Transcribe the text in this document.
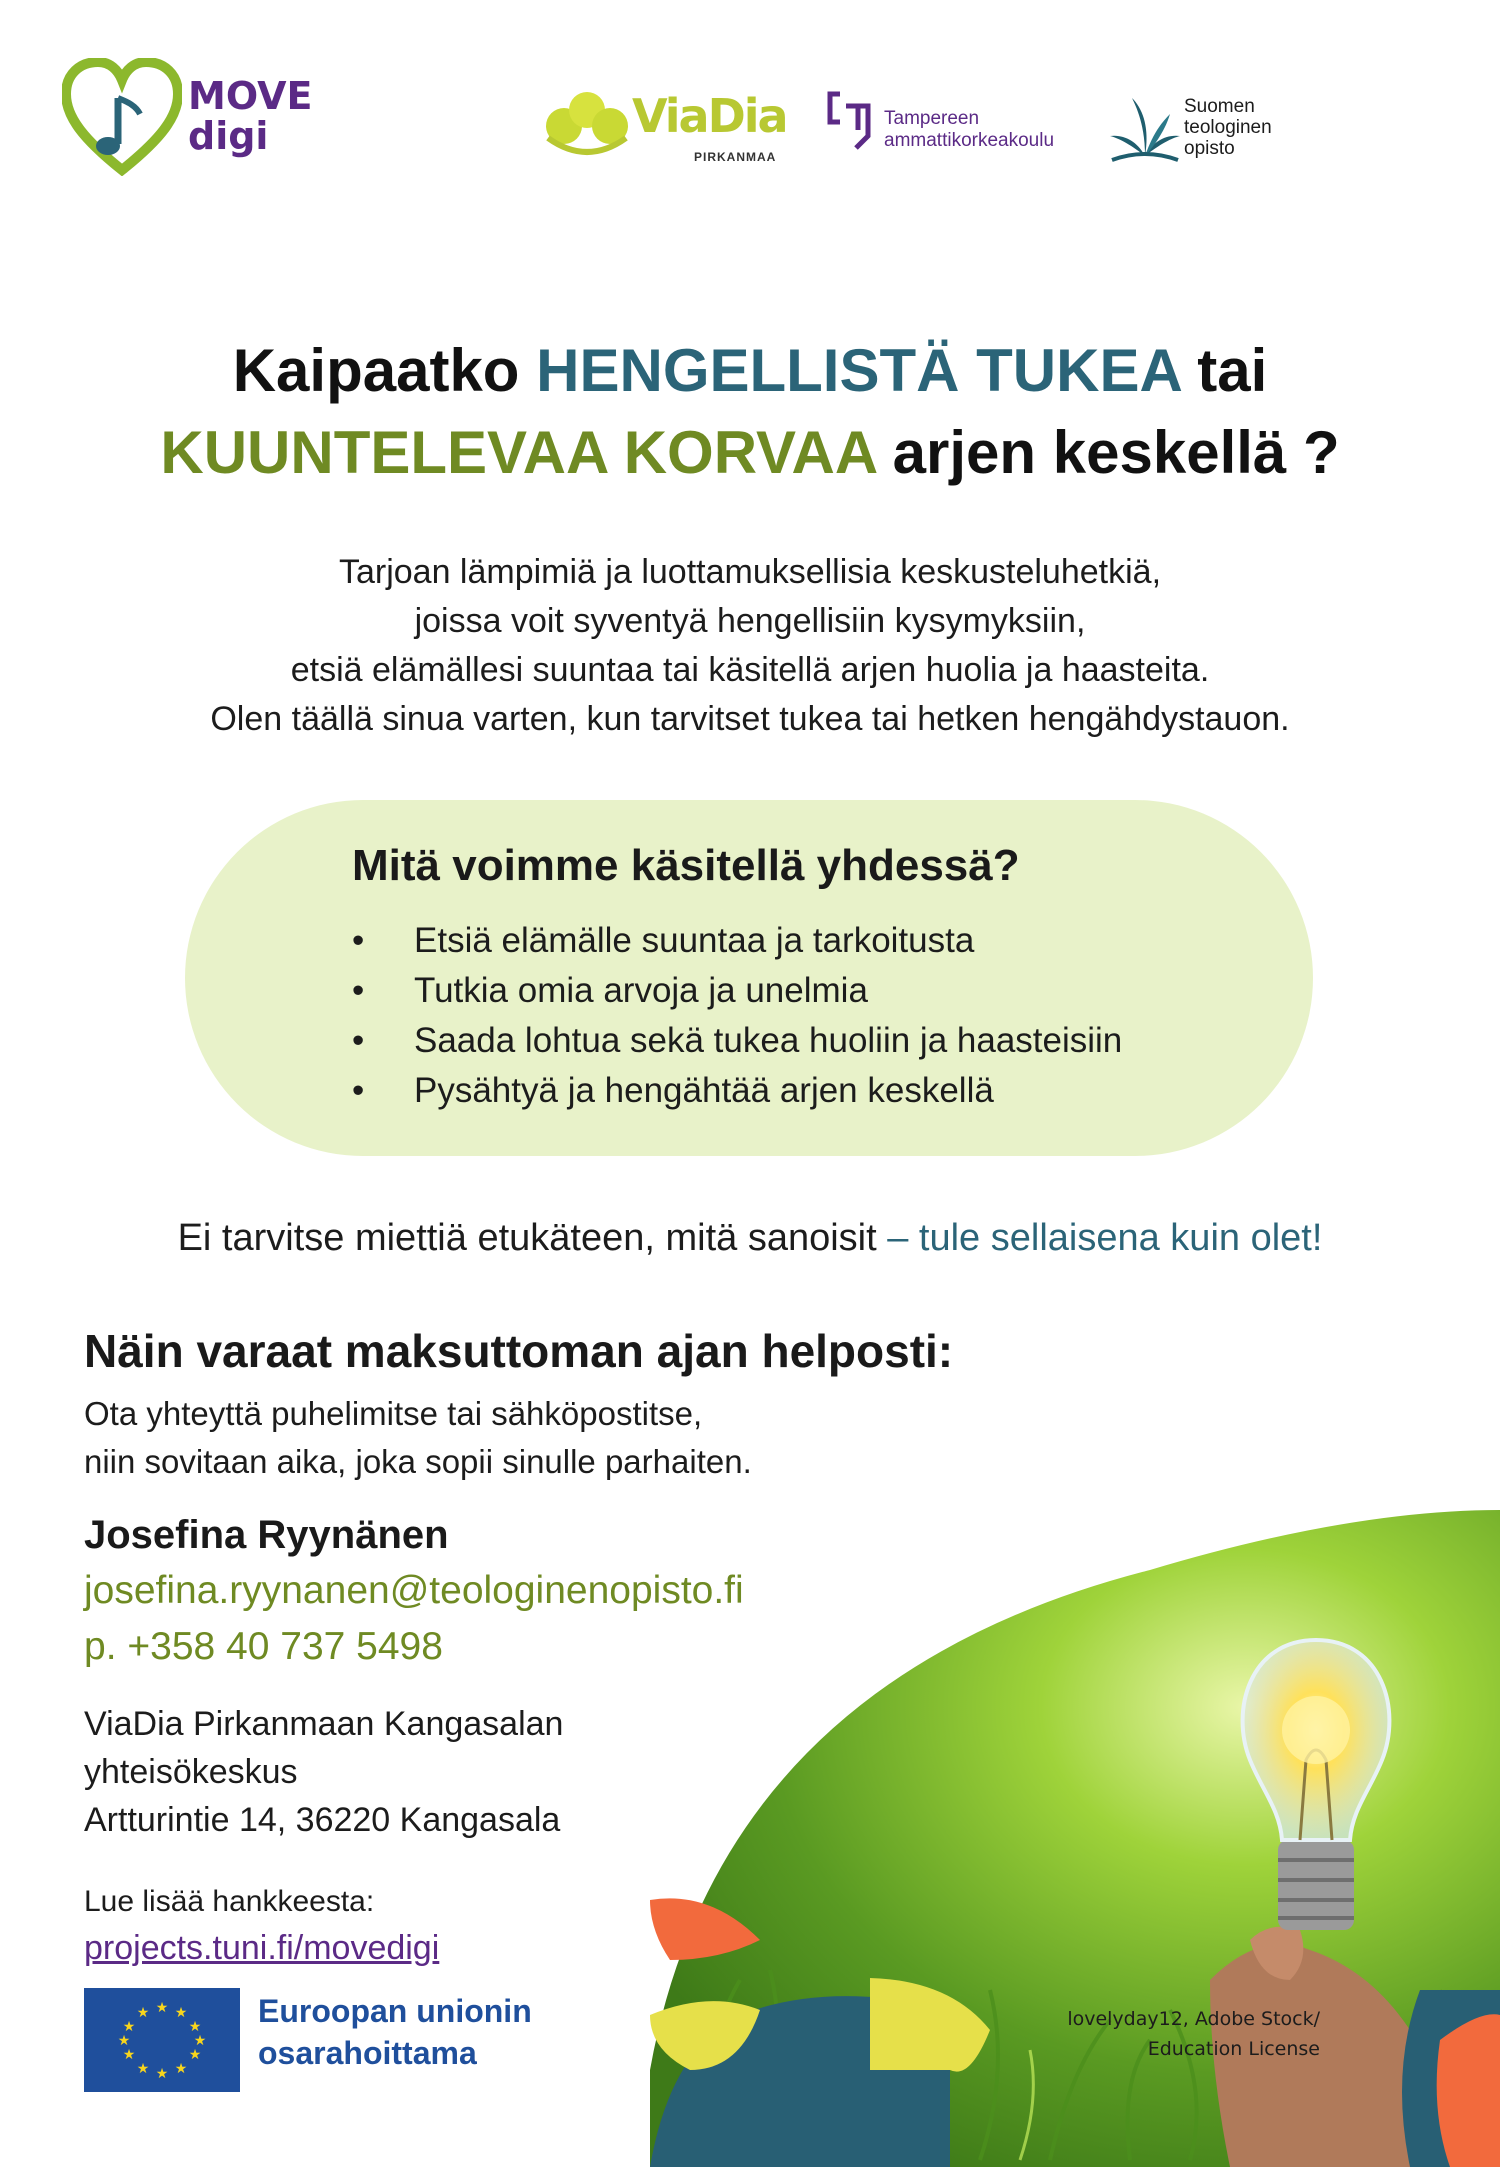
MOVE
digi	ViaDia
PIRKANMAA
Tampereen
ammattikorkeakoulu
Suomen
teologinen
opisto
Kaipaatko HENGELLISTÄ TUKEA tai
KUUNTELEVAA KORVAA arjen keskellä ?

Tarjoan lämpimiä ja luottamuksellisia keskusteluhetkiä,

joissa voit syventyä hengellisiin kysymyksiin,

etsiä elämällesi suuntaa tai käsitellä arjen huolia ja haasteita.

Olen täällä sinua varten, kun tarvitset tukea tai hetken hengähdystauon.

Mitä voimme käsitellä yhdessä?
• Etsiä elämälle suuntaa ja tarkoitusta
• Tutkia omia arvoja ja unelmia
• Saada lohtua sekä tukea huoliin ja haasteisiin
• Pysähtyä ja hengähtää arjen keskellä
Ei tarvitse miettiä etukäteen, mitä sanoisit – tule sellaisena kuin olet!
Näin varaat maksuttoman ajan helposti:
Ota yhteyttä puhelimitse tai sähköpostitse,
niin sovitaan aika, joka sopii sinulle parhaiten.
Josefina Ryynänen
josefina.ryynanen@teologinenopisto.fi
p. +358 40 737 5498
ViaDia Pirkanmaan Kangasalan
yhteisökeskus
Artturintie 14, 36220 Kangasala
Lue lisää hankkeesta:
projects.tuni.fi/movedigi
★ ★
★
★
★
★
★
★
★
★
★
★	Euroopan unionin
osarahoittama
lovelyday12, Adobe Stock/
Education License
